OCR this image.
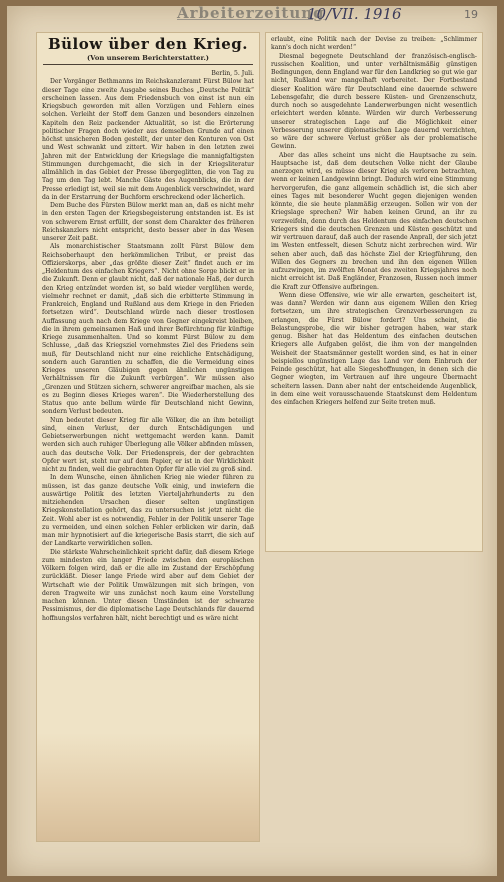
Arbeiterzeitung
10/VII. 1916	19
Bülow über den Krieg.
(Von unserem Berichterstatter.)
Berlin, 5. Juli.

Der Vorgänger Bethmanns im Reichskanzleramt Fürst Bülow hat dieser Tage eine zweite Ausgabe seines Buches „Deutsche Politik“ erscheinen lassen. Aus dem Friedensbuch von einst ist nun ein Kriegsbuch geworden mit allen Vorzügen und Fehlern eines solchen. Verleiht der Stoff dem Ganzen und besonders einzelnen Kapiteln den Reiz packender Aktualität, so ist die Erörterung politischer Fragen doch wieder aus demselben Grunde auf einen höchst unsicheren Boden gestellt, der unter den Konturen von Ost und West schwankt und zittert. Wir haben in den letzten zwei Jahren mit der Entwicklung der Kriegslage die mannigfaltigsten Stimmungen durchgemacht, die sich in der Kriegsliteratur allmählich in das Gebiet der Presse übergeglitten, die von Tag zu Tag um den Tag lebt. Manche Gäste des Augenblicks, die in der Presse erledigt ist, weil sie mit dem Augenblick verschwindet, ward da in der Erstarrung der Buchform erschreckend oder lächerlich.

Dem Buche des Fürsten Bülow merkt man an, daß es nicht mehr in den ersten Tagen der Kriegsbegeisterung entstanden ist. Es ist von schwerem Ernst erfüllt, der sonst dem Charakter des früheren Reichskanzlers nicht entspricht, desto besser aber in das Wesen unserer Zeit paßt.

Als monarchistischer Staatsmann zollt Fürst Bülow dem Reichsoberhaupt den herkömmlichen Tribut, er preist das Offizierskorps, aber „das größte dieser Zeit“ findet auch er im „Heldentum des einfachen Kriegers“. Nicht ohne Sorge blickt er in die Zukunft. Denn er glaubt nicht, daß der nationale Haß, der durch den Krieg entzündet worden ist, so bald wieder verglühen werde, vielmehr rechnet er damit, „daß sich die erbitterte Stimmung in Frankreich, England und Rußland aus dem Kriege in den Frieden fortsetzen wird“. Deutschland würde nach dieser trostlosen Auffassung auch nach dem Kriege von Gegner eingekreist bleiben, die in ihrem gemeinsamen Haß und ihrer Befürchtung für künftige Kriege zusammenhalten. Und so kommt Fürst Bülow zu dem Schlusse, „daß das Kriegsziel vornehmstes Ziel des Friedens sein muß, für Deutschland nicht nur eine reichliche Entschädigung, sondern auch Garantien zu schaffen, die die Vermeidung eines Krieges unseren Gläubigen gegen ähnlichen ungünstigen Verhältnissen für die Zukunft verbürgen“. Wir müssen also „Grenzen und Stützen sichern, schwerer angreifbar machen, als sie es zu Beginn dieses Krieges waren“. Die Wiederherstellung des Status quo ante bellum würde für Deutschland nicht Gewinn, sondern Verlust bedeuten.

Nun bedeutet dieser Krieg für alle Völker, die an ihm beteiligt sind, einen Verlust, der durch Entschädigungen und Gebietserwerbungen nicht wettgemacht werden kann. Damit werden sich auch ruhiger Überlegung alle Völker abfinden müssen, auch das deutsche Volk. Der Friedenspreis, der der gebrachten Opfer wert ist, steht nur auf dem Papier, er ist in der Wirklichkeit nicht zu finden, weil die gebrachten Opfer für alle viel zu groß sind.

In dem Wunsche, einen ähnlichen Krieg nie wieder führen zu müssen, ist das ganze deutsche Volk einig, und inwiefern die auswärtige Politik des letzten Vierteljahrhunderts zu den mitziehenden Ursachen dieser selten ungünstigen Kriegskonstellation gehört, das zu untersuchen ist jetzt nicht die Zeit. Wohl aber ist es notwendig, Fehler in der Politik unserer Tage zu vermeiden, und einen solchen Fehler erblicken wir darin, daß man mir hypnotisiert auf die kriegerische Basis starrt, die sich auf der Landkarte verwirklichen sollen.

Die stärkste Wahrscheinlichkeit spricht dafür, daß diesem Kriege zum mindesten ein langer Friede zwischen den europäischen Völkern folgen wird, daß er die alle im Zustand der Erschöpfung zurückläßt. Dieser lange Friede wird aber auf dem Gebiet der Wirtschaft wie der Politik Umwälzungen mit sich bringen, von deren Tragweite wir uns zunächst noch kaum eine Vorstellung machen können. Unter diesen Umständen ist der schwarze Pessimismus, der die diplomatische Lage Deutschlands für dauernd hoffnungslos verfahren hält, nicht berechtigt und es wäre nicht

erlaubt, eine Politik nach der Devise zu treiben: „Schlimmer kann's doch nicht werden!“

Diesmal begegnete Deutschland der französisch-englisch-russischen Koalition, und unter verhältnismäßig günstigen Bedingungen, denn England war für den Landkrieg so gut wie gar nicht, Rußland war mangelhaft vorbereitet. Der Fortbestand dieser Koalition wäre für Deutschland eine dauernde schwere Lebensgefahr, die durch bessere Küsten- und Grenzenschutz, durch noch so ausgedehnte Landerwerbungen nicht wesentlich erleichtert werden könnte. Würden wir durch Verbesserung unserer strategischen Lage auf die Möglichkeit einer Verbesserung unserer diplomatischen Lage dauernd verzichten, so wäre der schwere Verlust größer als der problematische Gewinn.

Aber das alles scheint uns nicht die Hauptsache zu sein. Hauptsache ist, daß dem deutschen Volke nicht der Glaube anerzogen wird, es müsse dieser Krieg als verloren betrachten, wenn er keinen Landgewinn bringt. Dadurch wird eine Stimmung hervorgerufen, die ganz allgemein schädlich ist, die sich aber eines Tages mit besonderer Wucht gegen diejenigen wenden könnte, die sie heute planmäßig erzeugen. Sollen wir von der Kriegslage sprechen? Wir haben keinen Grund, an ihr zu verzweifeln, denn durch das Heldentum des einfachen deutschen Kriegers sind die deutschen Grenzen und Küsten geschützt und wir vertrauen darauf, daß auch der rasende Anprall, der sich jetzt im Westen entfesselt, diesen Schutz nicht zerbrechen wird. Wir sehen aber auch, daß das höchste Ziel der Kriegführung, den Willen des Gegners zu brechen und ihn den eigenen Willen aufzuzwingen, im zwölften Monat des zweiten Kriegsjahres noch nicht erreicht ist. Daß Engländer, Franzosen, Russen noch immer die Kraft zur Offensive aufbringen.

Wenn diese Offensive, wie wir alle erwarten, gescheitert ist, was dann? Werden wir dann aus eigenem Willen den Krieg fortsetzen, um ihre strategischen Grenzverbesserungen zu erlangen, die Fürst Bülow fordert? Uns scheint, die Belastungsprobe, die wir bisher getragen haben, war stark genug. Bisher hat das Heldentum des einfachen deutschen Kriegers alle Aufgaben gelöst, die ihm von der mangelnden Weisheit der Staatsmänner gestellt worden sind, es hat in einer beispiellos ungünstigen Lage das Land vor dem Einbruch der Feinde geschützt, hat alle Siegeshoffnungen, in denen sich die Gegner wiegten, im Vertrauen auf ihre ungeure Übermacht scheitern lassen. Dann aber naht der entscheidende Augenblick, in dem eine weit vorausschauende Staatskunst dem Heldentum des einfachen Kriegers helfend zur Seite treten muß.
